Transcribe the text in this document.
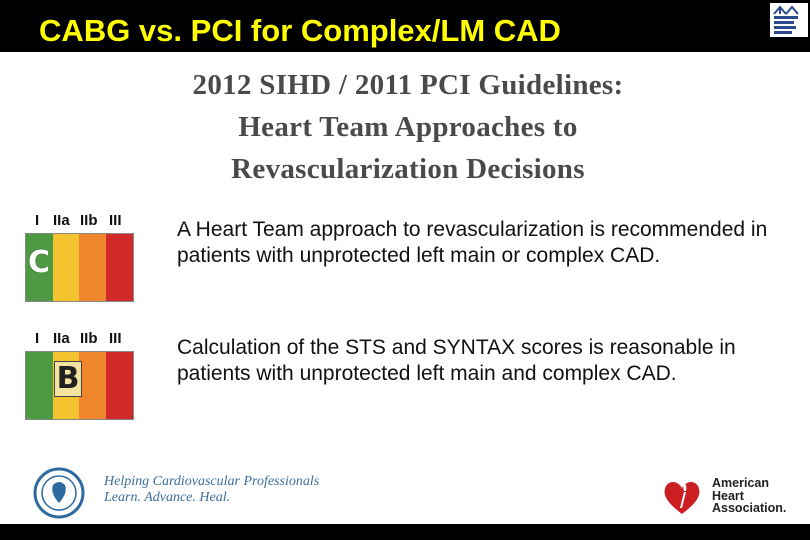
CABG vs. PCI for Complex/LM CAD
2012 SIHD / 2011 PCI Guidelines:
Heart Team Approaches to
Revascularization Decisions
I IIa IIb III
C
A Heart Team approach to revascularization is recommended in patients with unprotected left main or complex CAD.
I IIa IIb III
B
Calculation of the STS and SYNTAX scores is reasonable in patients with unprotected left main and complex CAD.
Helping Cardiovascular Professionals
Learn. Advance. Heal.
American
Heart
Association.
